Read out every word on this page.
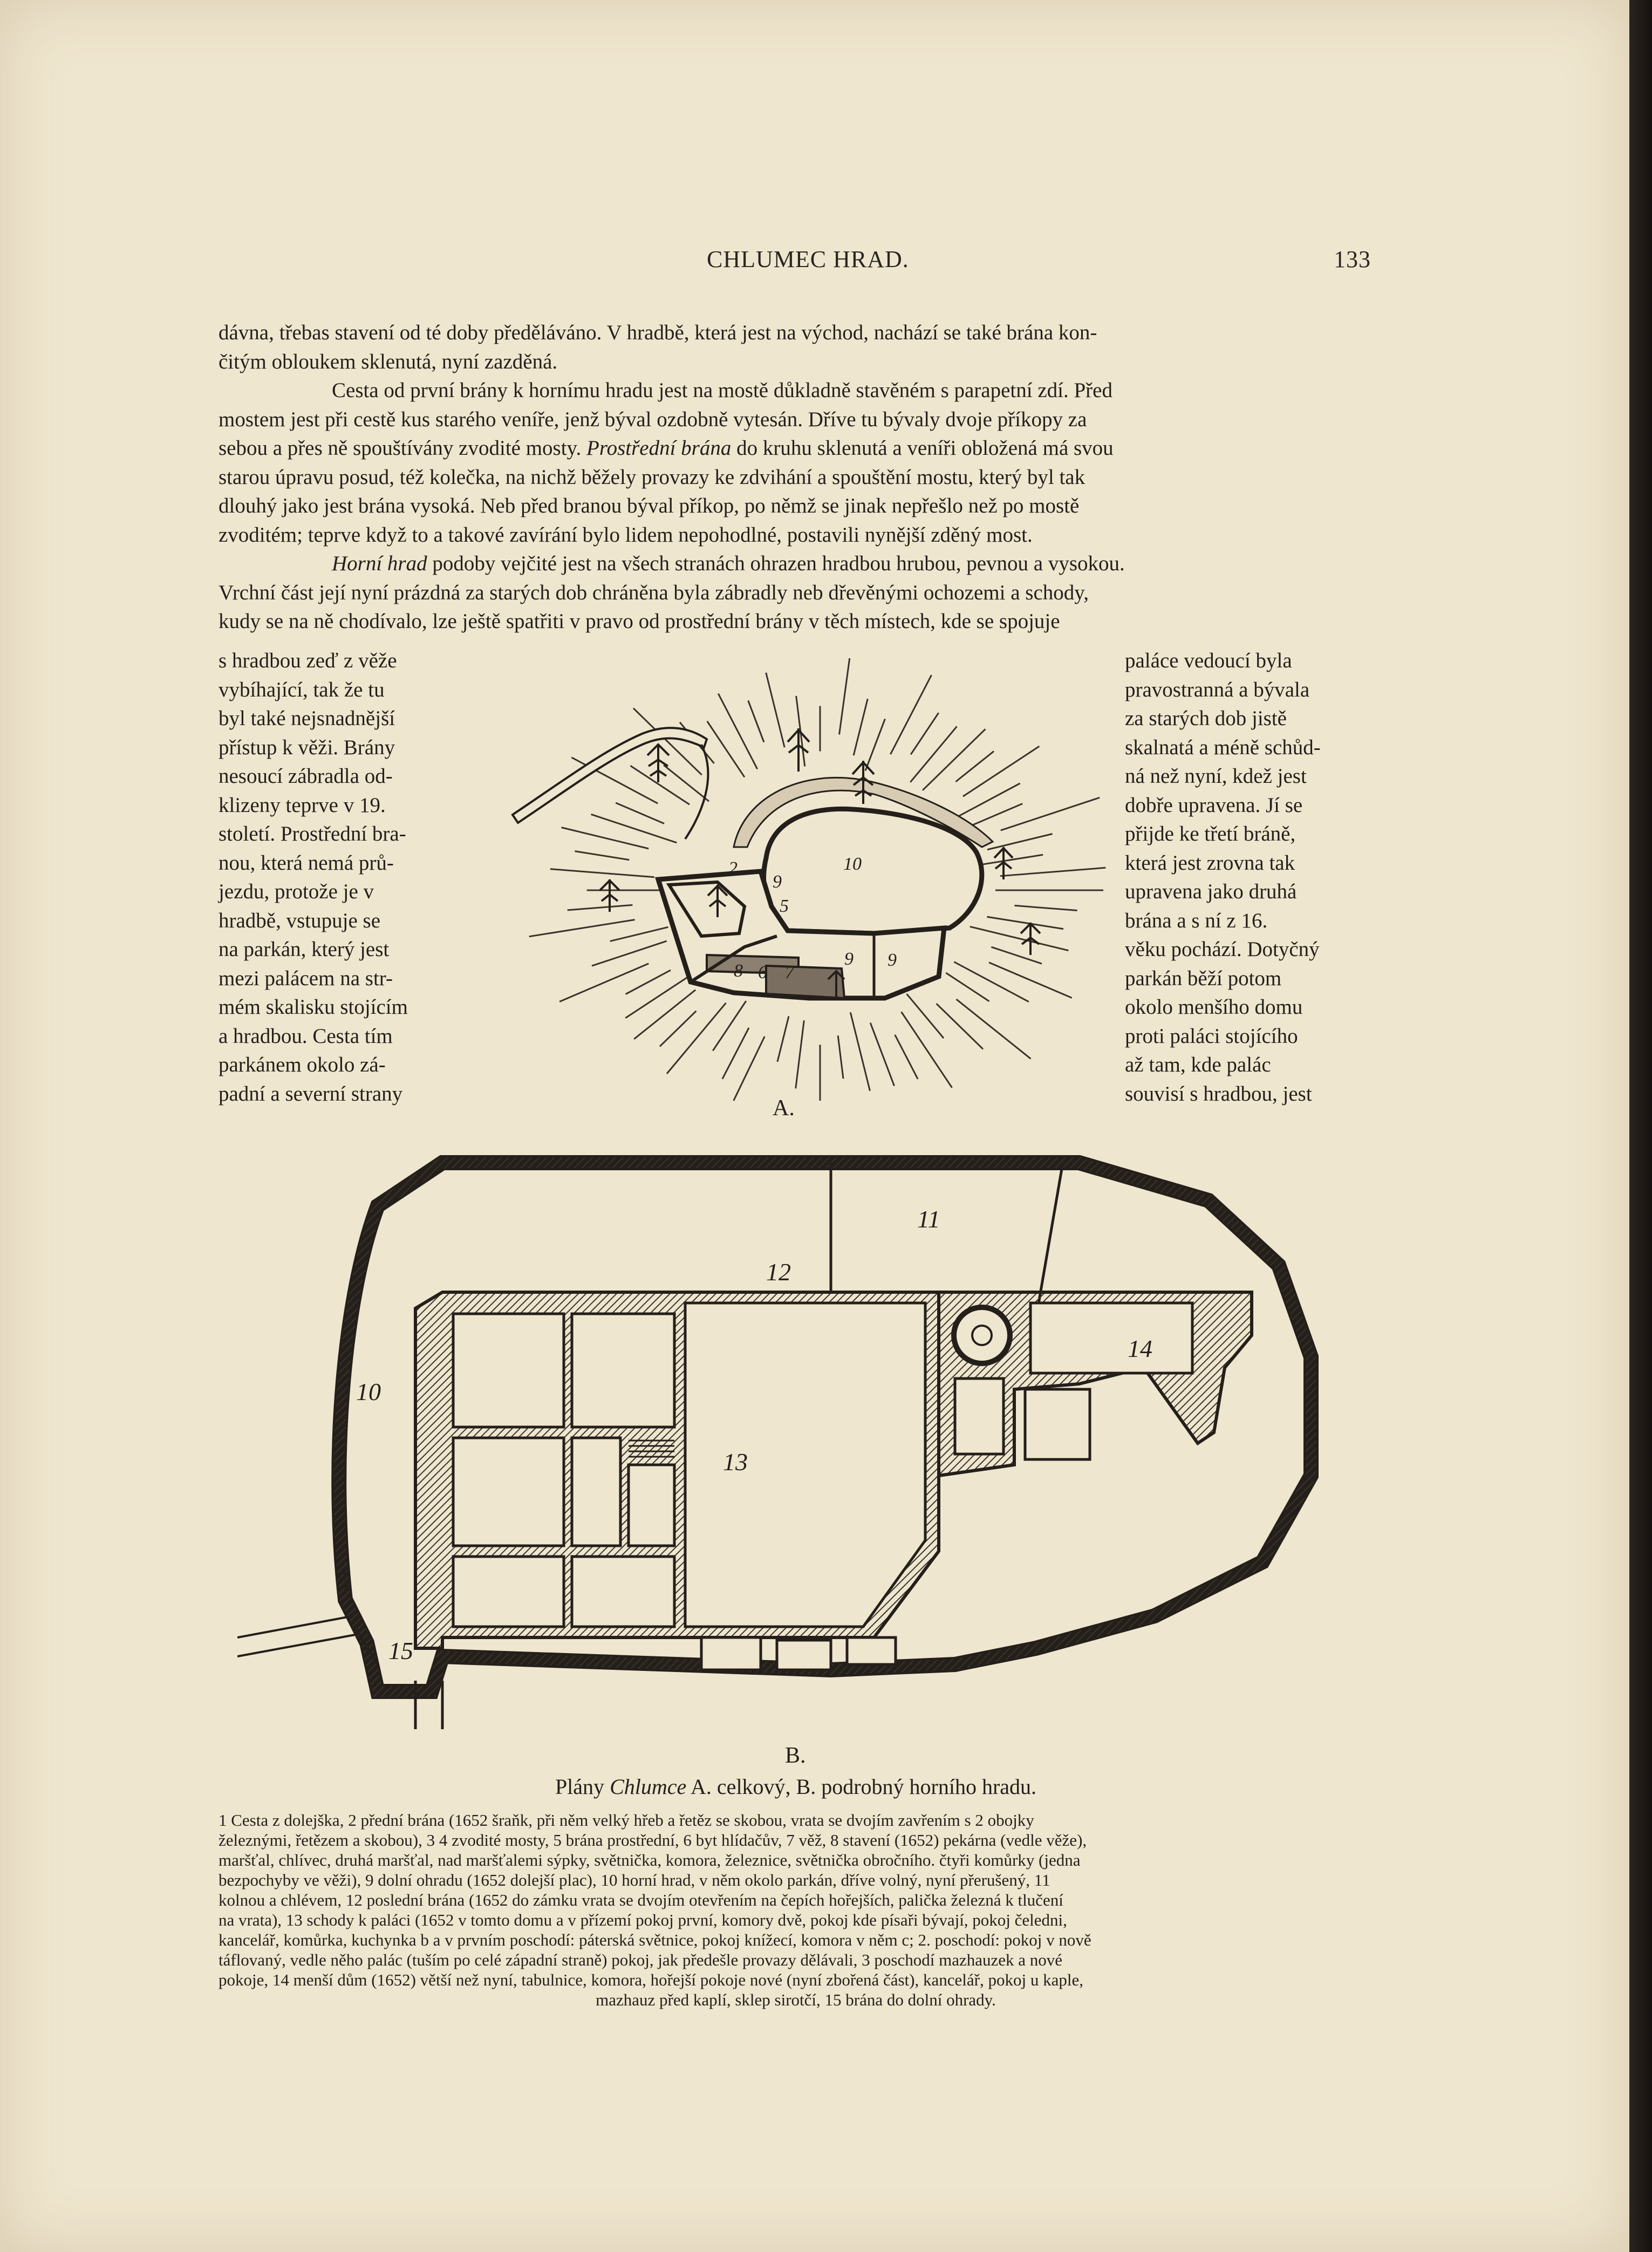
CHLUMEC HRAD.	133
dávna, třebas stavení od té doby předěláváno. V hradbě, která jest na východ, nachází se také brána kon-
čitým obloukem sklenutá, nyní zazděná.
Cesta od první brány k hornímu hradu jest na mostě důkladně stavěném s parapetní zdí. Před
mostem jest při cestě kus starého veníře, jenž býval ozdobně vytesán. Dříve tu bývaly dvoje příkopy za
sebou a přes ně spouštívány zvodité mosty. Prostřední brána do kruhu sklenutá a veníři obložená má svou
starou úpravu posud, též kolečka, na nichž běžely provazy ke zdvihání a spouštění mostu, který byl tak
dlouhý jako jest brána vysoká. Neb před branou býval příkop, po němž se jinak nepřešlo než po mostě
zvoditém; teprve když to a takové zavírání bylo lidem nepohodlné, postavili nynější zděný most.
Horní hrad podoby vejčité jest na všech stranách ohrazen hradbou hrubou, pevnou a vysokou.
Vrchní část její nyní prázdná za starých dob chráněna byla zábradly neb dřevěnými ochozemi a schody,
kudy se na ně chodívalo, lze ještě spatřiti v pravo od prostřední brány v těch místech, kde se spojuje
s hradbou zeď z věže
vybíhající, tak že tu
byl také nejsnadnější
přístup k věži. Brány
nesoucí zábradla od-
klizeny teprve v 19.
století. Prostřední bra-
nou, která nemá prů-
jezdu, protože je v
hradbě, vstupuje se
na parkán, který jest
mezi palácem na str-
mém skalisku stojícím
a hradbou. Cesta tím
parkánem okolo zá-
padní a severní strany
paláce vedoucí byla
pravostranná a bývala
za starých dob jistě
skalnatá a méně schůd-
ná než nyní, kdež jest
dobře upravena. Jí se
přijde ke třetí bráně,
která jest zrovna tak
upravena jako druhá
brána a s ní z 16.
věku pochází. Dotyčný
parkán běží potom
okolo menšího domu
proti paláci stojícího
až tam, kde palác
souvisí s hradbou, jest
2
9
10
5
9 9
8 6 7
A.
11
12
14
10
13
5
15
B.
Plány Chlumce A. celkový, B. podrobný horního hradu.
1 Cesta z dolejška, 2 přední brána (1652 šraňk, při něm velký hřeb a řetěz se skobou, vrata se dvojím zavřením s 2 obojky
železnými, řetězem a skobou), 3 4 zvodité mosty, 5 brána prostřední, 6 byt hlídačův, 7 věž, 8 stavení (1652) pekárna (vedle věže),
maršťal, chlívec, druhá maršťal, nad maršťalemi sýpky, světnička, komora, železnice, světnička obročního. čtyři komůrky (jedna
bezpochyby ve věži), 9 dolní ohradu (1652 dolejší plac), 10 horní hrad, v něm okolo parkán, dříve volný, nyní přerušený, 11
kolnou a chlévem, 12 poslední brána (1652 do zámku vrata se dvojím otevřením na čepích hořejších, palička železná k tlučení
na vrata), 13 schody k paláci (1652 v tomto domu a v přízemí pokoj první, komory dvě, pokoj kde písaři bývají, pokoj čeledni,
kancelář, komůrka, kuchynka b a v prvním poschodí: páterská světnice, pokoj knížecí, komora v něm c; 2. poschodí: pokoj v nově
táflovaný, vedle něho palác (tuším po celé západní straně) pokoj, jak předešle provazy dělávali, 3 poschodí mazhauzek a nové
pokoje, 14 menší dům (1652) větší než nyní, tabulnice, komora, hořejší pokoje nové (nyní zbořená část), kancelář, pokoj u kaple,
mazhauz před kaplí, sklep sirotčí, 15 brána do dolní ohrady.
